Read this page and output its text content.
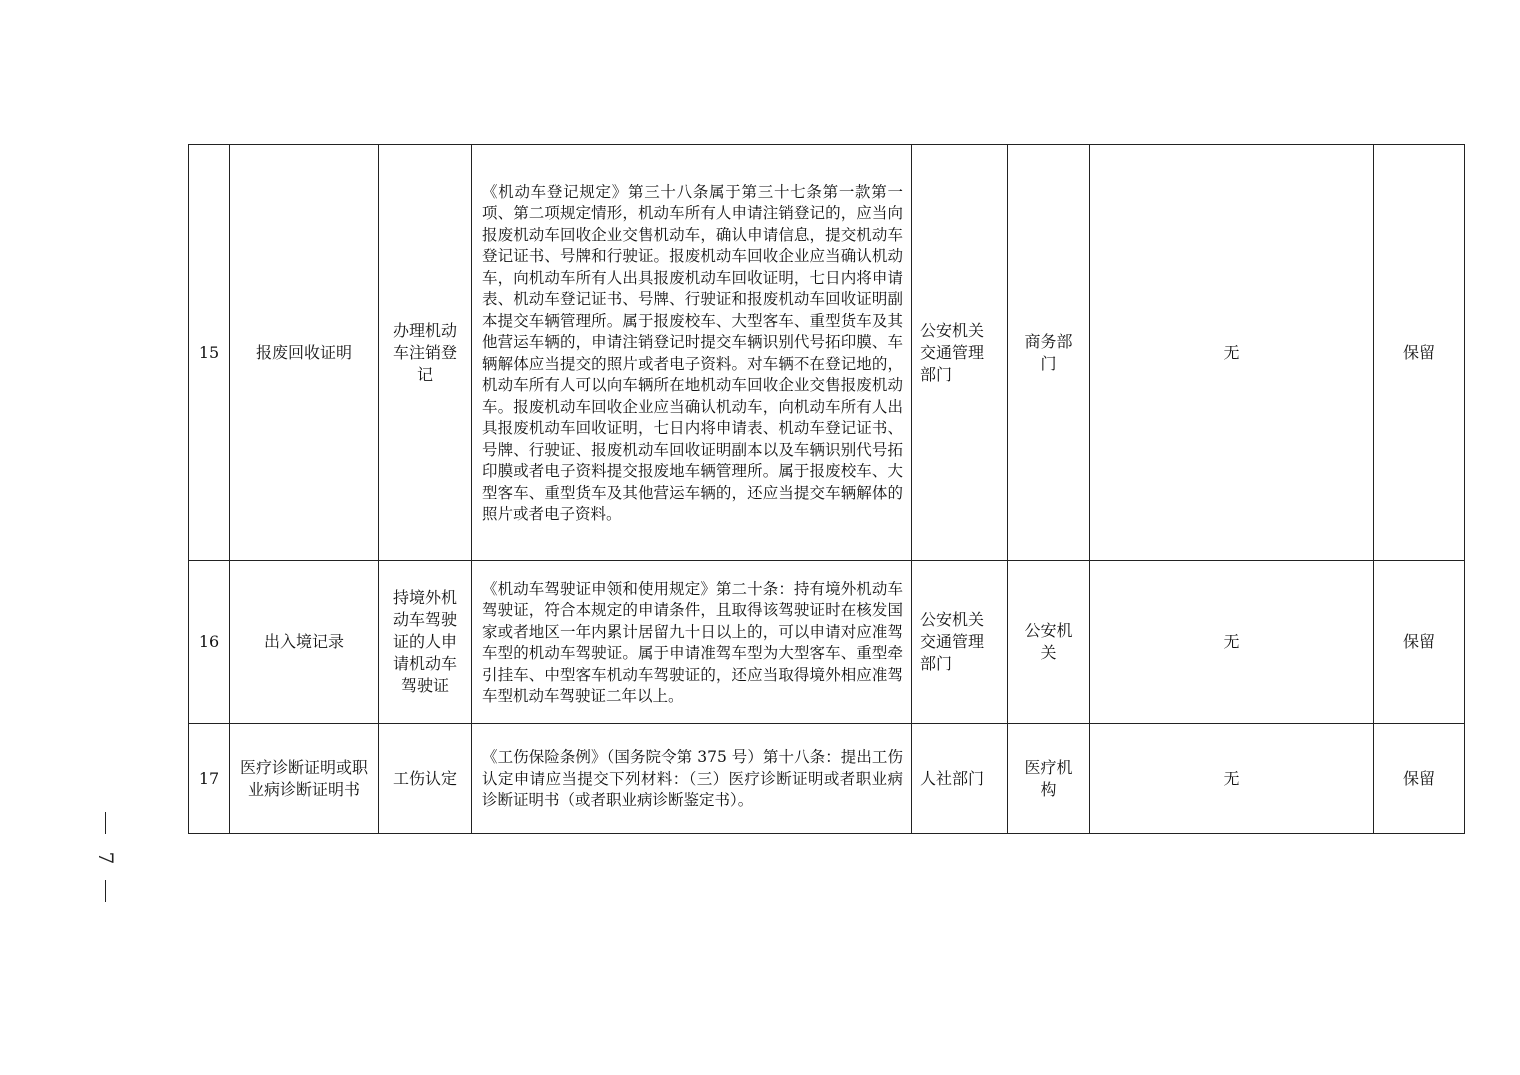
15	报废回收证明	办理机动车注销登记	《机动车登记规定》第三十八条属于第三十七条第一款第一项、第二项规定情形，机动车所有人申请注销登记的，应当向报废机动车回收企业交售机动车，确认申请信息，提交机动车登记证书、号牌和行驶证。报废机动车回收企业应当确认机动车，向机动车所有人出具报废机动车回收证明，七日内将申请表、机动车登记证书、号牌、行驶证和报废机动车回收证明副本提交车辆管理所。属于报废校车、大型客车、重型货车及其他营运车辆的，申请注销登记时提交车辆识别代号拓印膜、车辆解体应当提交的照片或者电子资料。对车辆不在登记地的，机动车所有人可以向车辆所在地机动车回收企业交售报废机动车。报废机动车回收企业应当确认机动车，向机动车所有人出具报废机动车回收证明，七日内将申请表、机动车登记证书、号牌、行驶证、报废机动车回收证明副本以及车辆识别代号拓印膜或者电子资料提交报废地车辆管理所。属于报废校车、大型客车、重型货车及其他营运车辆的，还应当提交车辆解体的照片或者电子资料。	公安机关交通管理部门	商务部门	无	保留
16	出入境记录	持境外机动车驾驶证的人申请机动车驾驶证	《机动车驾驶证申领和使用规定》第二十条：持有境外机动车驾驶证，符合本规定的申请条件，且取得该驾驶证时在核发国家或者地区一年内累计居留九十日以上的，可以申请对应准驾车型的机动车驾驶证。属于申请准驾车型为大型客车、重型牵引挂车、中型客车机动车驾驶证的，还应当取得境外相应准驾车型机动车驾驶证二年以上。	公安机关交通管理部门	公安机关	无	保留
17	医疗诊断证明或职业病诊断证明书	工伤认定	《工伤保险条例》（国务院令第 375 号）第十八条：提出工伤认定申请应当提交下列材料：（三）医疗诊断证明或者职业病诊断证明书（或者职业病诊断鉴定书）。	人社部门	医疗机构	无	保留
7
